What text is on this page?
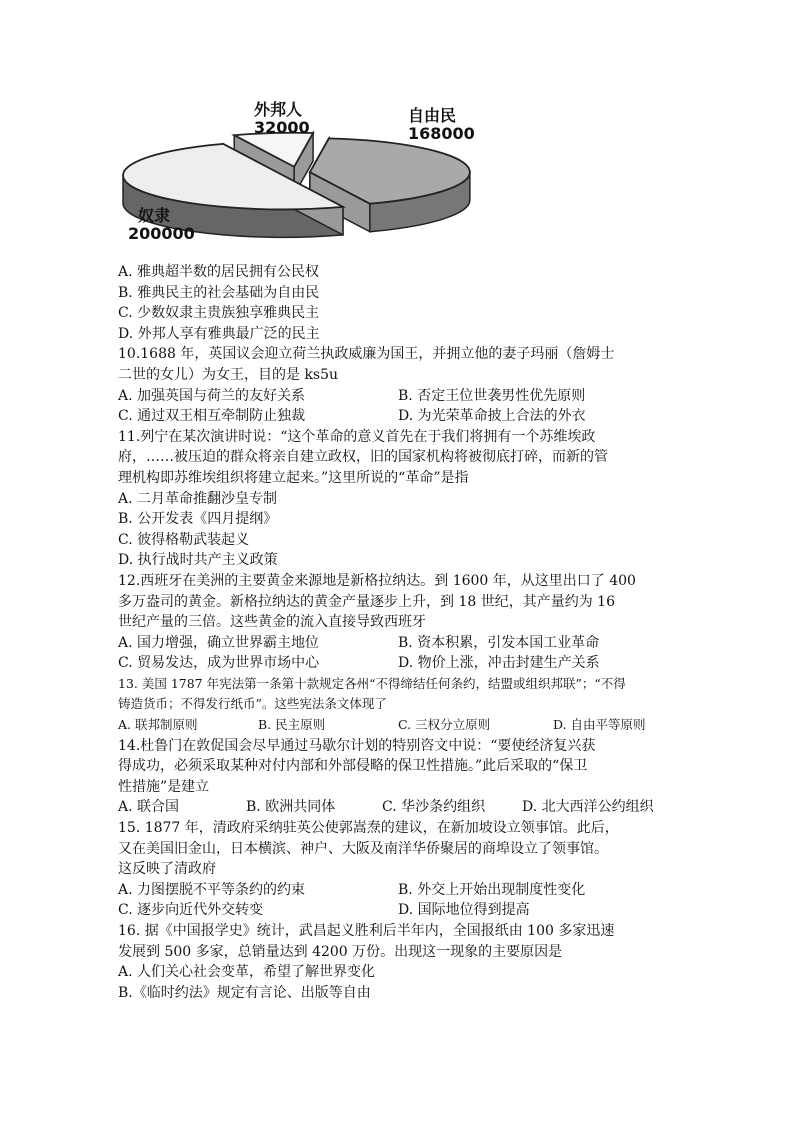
外邦人
32000
自由民
168000
奴隶
200000
A. 雅典超半数的居民拥有公民权
B. 雅典民主的社会基础为自由民
C. 少数奴隶主贵族独享雅典民主
D. 外邦人享有雅典最广泛的民主
10.1688 年，英国议会迎立荷兰执政威廉为国王，并拥立他的妻子玛丽（詹姆士
二世的女儿）为女王，目的是 ks5u
A. 加强英国与荷兰的友好关系	B. 否定王位世袭男性优先原则
C. 通过双王相互牵制防止独裁	D. 为光荣革命披上合法的外衣
11.列宁在某次演讲时说：“这个革命的意义首先在于我们将拥有一个苏维埃政
府，……被压迫的群众将亲自建立政权，旧的国家机构将被彻底打碎，而新的管
理机构即苏维埃组织将建立起来。”这里所说的“革命”是指
A. 二月革命推翻沙皇专制
B. 公开发表《四月提纲》
C. 彼得格勒武装起义
D. 执行战时共产主义政策
12.西班牙在美洲的主要黄金来源地是新格拉纳达。到 1600 年，从这里出口了 400
多万盎司的黄金。新格拉纳达的黄金产量逐步上升，到 18 世纪，其产量约为 16
世纪产量的三倍。这些黄金的流入直接导致西班牙
A. 国力增强，确立世界霸主地位	B. 资本积累，引发本国工业革命
C. 贸易发达，成为世界市场中心	D. 物价上涨，冲击封建生产关系
13. 美国 1787 年宪法第一条第十款规定各州“不得缔结任何条约，结盟或组织邦联”；“不得
铸造货币；不得发行纸币”。这些宪法条文体现了
A. 联邦制原则	B. 民主原则	C. 三权分立原则	D. 自由平等原则
14.杜鲁门在敦促国会尽早通过马歇尔计划的特别咨文中说：“要使经济复兴获
得成功，必须采取某种对付内部和外部侵略的保卫性措施。”此后采取的“保卫
性措施”是建立
A. 联合国	B. 欧洲共同体	C. 华沙条约组织	D. 北大西洋公约组织
15. 1877 年，清政府采纳驻英公使郭嵩焘的建议，在新加坡设立领事馆。此后，
又在美国旧金山，日本横滨、神户、大阪及南洋华侨聚居的商埠设立了领事馆。
这反映了清政府
A. 力图摆脱不平等条约的约束	B. 外交上开始出现制度性变化
C. 逐步向近代外交转变	D. 国际地位得到提高
16. 据《中国报学史》统计，武昌起义胜利后半年内，全国报纸由 100 多家迅速
发展到 500 多家，总销量达到 4200 万份。出现这一现象的主要原因是
A. 人们关心社会变革，希望了解世界变化
B.《临时约法》规定有言论、出版等自由
